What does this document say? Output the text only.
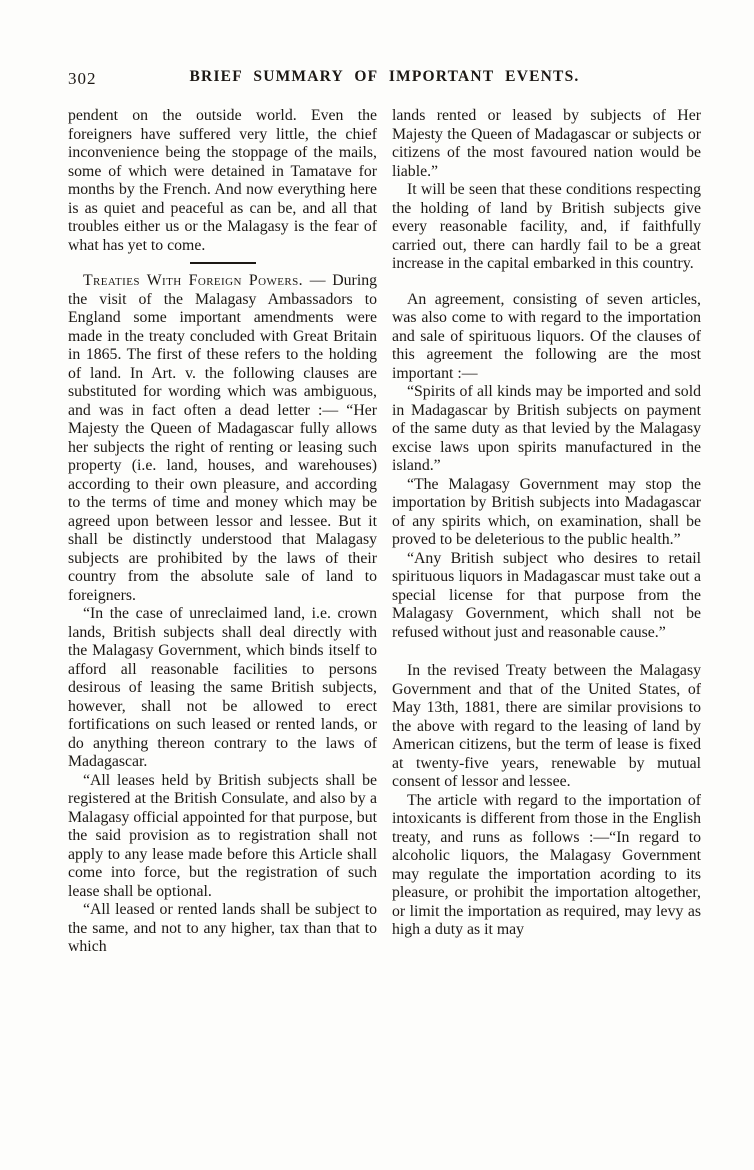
302	BRIEF SUMMARY OF IMPORTANT EVENTS.

pendent on the outside world. Even the foreigners have suffered very little, the chief inconvenience being the stoppage of the mails, some of which were detained in Tamatave for months by the French. And now everything here is as quiet and peaceful as can be, and all that troubles either us or the Malagasy is the fear of what has yet to come.

Treaties With Foreign Powers. — During the visit of the Malagasy Ambassadors to England some important amendments were made in the treaty concluded with Great Britain in 1865. The first of these refers to the holding of land. In Art. v. the following clauses are substituted for wording which was ambiguous, and was in fact often a dead letter :— “Her Majesty the Queen of Madagascar fully allows her subjects the right of renting or leasing such property (i.e. land, houses, and warehouses) according to their own pleasure, and according to the terms of time and money which may be agreed upon between lessor and lessee. But it shall be distinctly understood that Malagasy subjects are prohibited by the laws of their country from the absolute sale of land to foreigners.

“In the case of unreclaimed land, i.e. crown lands, British subjects shall deal directly with the Malagasy Government, which binds itself to afford all reasonable facilities to persons desirous of leasing the same British subjects, however, shall not be allowed to erect fortifications on such leased or rented lands, or do anything thereon contrary to the laws of Madagascar.

“All leases held by British subjects shall be registered at the British Consulate, and also by a Malagasy official appointed for that purpose, but the said provision as to registration shall not apply to any lease made before this Article shall come into force, but the registration of such lease shall be optional.

“All leased or rented lands shall be subject to the same, and not to any higher, tax than that to which

lands rented or leased by subjects of Her Majesty the Queen of Madagascar or subjects or citizens of the most favoured nation would be liable.”

It will be seen that these conditions respecting the holding of land by British subjects give every reasonable facility, and, if faithfully carried out, there can hardly fail to be a great increase in the capital embarked in this country.

An agreement, consisting of seven articles, was also come to with regard to the importation and sale of spirituous liquors. Of the clauses of this agreement the following are the most important :—

“Spirits of all kinds may be imported and sold in Madagascar by British subjects on payment of the same duty as that levied by the Malagasy excise laws upon spirits manufactured in the island.”

“The Malagasy Government may stop the importation by British subjects into Madagascar of any spirits which, on examination, shall be proved to be deleterious to the public health.”

“Any British subject who desires to retail spirituous liquors in Madagascar must take out a special license for that purpose from the Malagasy Government, which shall not be refused without just and reasonable cause.”

In the revised Treaty between the Malagasy Government and that of the United States, of May 13th, 1881, there are similar provisions to the above with regard to the leasing of land by American citizens, but the term of lease is fixed at twenty-five years, renewable by mutual consent of lessor and lessee.

The article with regard to the importation of intoxicants is different from those in the English treaty, and runs as follows :—“In regard to alcoholic liquors, the Malagasy Government may regulate the importation acording to its pleasure, or prohibit the importation altogether, or limit the importation as required, may levy as high a duty as it may
